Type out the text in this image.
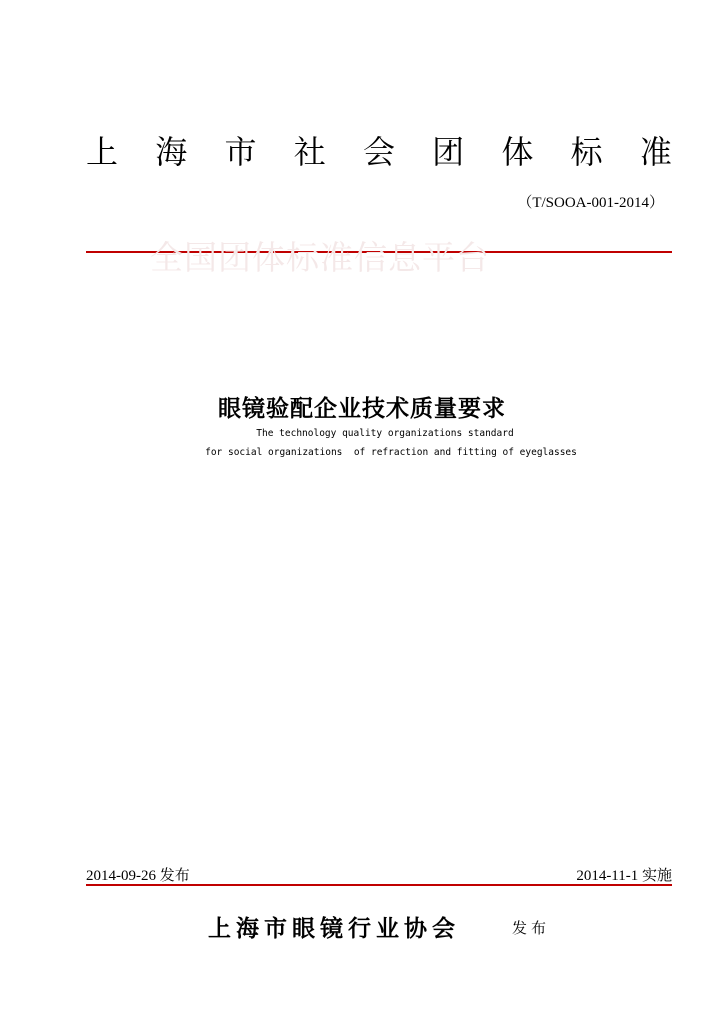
上 海 市 社 会 团 体 标 准
（T/SOOA-001-2014）
全国团体标准信息平台
眼镜验配企业技术质量要求
The technology quality organizations standard
for social organizations  of refraction and fitting of eyeglasses
2014-09-26 发布	2014-11-1 实施
上海市眼镜行业协会	发布
